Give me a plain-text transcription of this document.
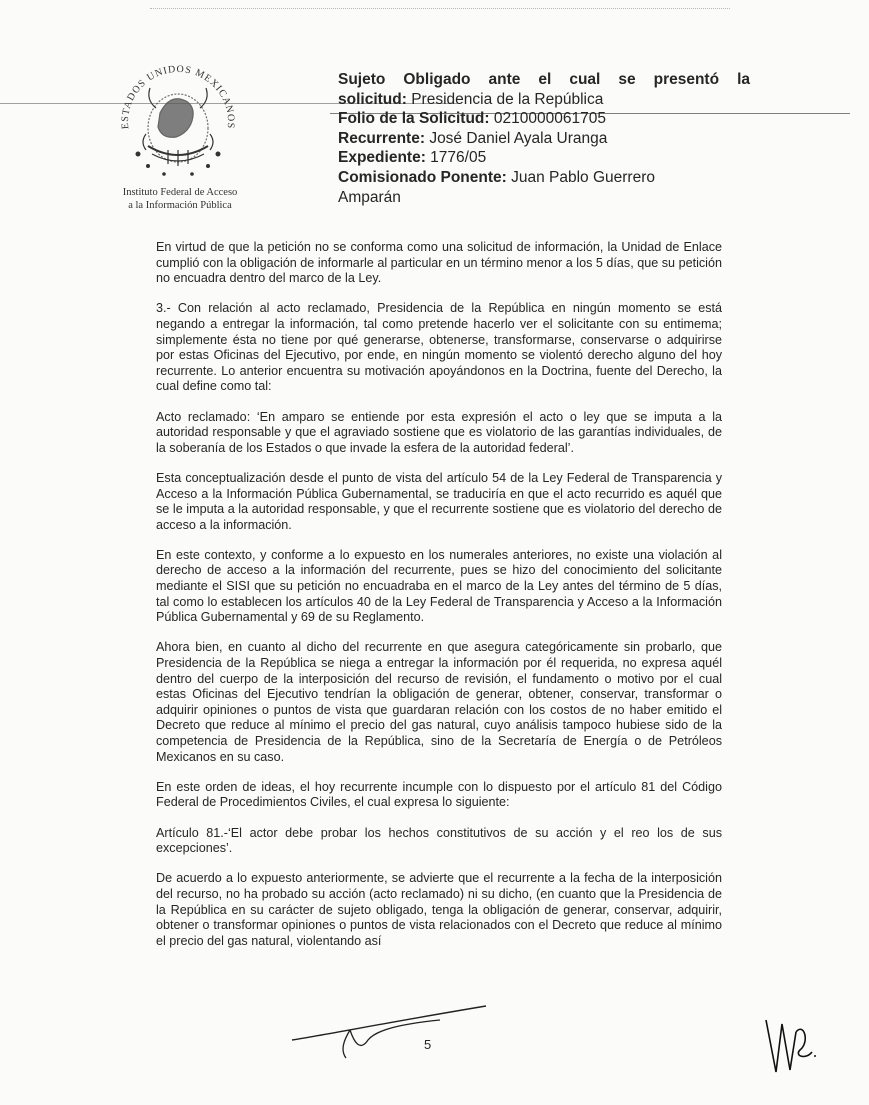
ESTADOS UNIDOS MEXICANOS
Instituto Federal de Acceso
a la Información Pública
Sujeto Obligado ante el cual se presentó la
solicitud: Presidencia de la República
Folio de la Solicitud: 0210000061705
Recurrente: José Daniel Ayala Uranga
Expediente: 1776/05
Comisionado Ponente: Juan Pablo Guerrero
Amparán

En virtud de que la petición no se conforma como una solicitud de información, la Unidad de Enlace cumplió con la obligación de informarle al particular en un término menor a los 5 días, que su petición no encuadra dentro del marco de la Ley.

3.- Con relación al acto reclamado, Presidencia de la República en ningún momento se está negando a entregar la información, tal como pretende hacerlo ver el solicitante con su entimema; simplemente ésta no tiene por qué generarse, obtenerse, transformarse, conservarse o adquirirse por estas Oficinas del Ejecutivo, por ende, en ningún momento se violentó derecho alguno del hoy recurrente. Lo anterior encuentra su motivación apoyándonos en la Doctrina, fuente del Derecho, la cual define como tal:

Acto reclamado: ‘En amparo se entiende por esta expresión el acto o ley que se imputa a la autoridad responsable y que el agraviado sostiene que es violatorio de las garantías individuales, de la soberanía de los Estados o que invade la esfera de la autoridad federal’.

Esta conceptualización desde el punto de vista del artículo 54 de la Ley Federal de Transparencia y Acceso a la Información Pública Gubernamental, se traduciría en que el acto recurrido es aquél que se le imputa a la autoridad responsable, y que el recurrente sostiene que es violatorio del derecho de acceso a la información.

En este contexto, y conforme a lo expuesto en los numerales anteriores, no existe una violación al derecho de acceso a la información del recurrente, pues se hizo del conocimiento del solicitante mediante el SISI que su petición no encuadraba en el marco de la Ley antes del término de 5 días, tal como lo establecen los artículos 40 de la Ley Federal de Transparencia y Acceso a la Información Pública Gubernamental y 69 de su Reglamento.

Ahora bien, en cuanto al dicho del recurrente en que asegura categóricamente sin probarlo, que Presidencia de la República se niega a entregar la información por él requerida, no expresa aquél dentro del cuerpo de la interposición del recurso de revisión, el fundamento o motivo por el cual estas Oficinas del Ejecutivo tendrían la obligación de generar, obtener, conservar, transformar o adquirir opiniones o puntos de vista que guardaran relación con los costos de no haber emitido el Decreto que reduce al mínimo el precio del gas natural, cuyo análisis tampoco hubiese sido de la competencia de Presidencia de la República, sino de la Secretaría de Energía o de Petróleos Mexicanos en su caso.

En este orden de ideas, el hoy recurrente incumple con lo dispuesto por el artículo 81 del Código Federal de Procedimientos Civiles, el cual expresa lo siguiente:

Artículo 81.-‘El actor debe probar los hechos constitutivos de su acción y el reo los de sus excepciones’.

De acuerdo a lo expuesto anteriormente, se advierte que el recurrente a la fecha de la interposición del recurso, no ha probado su acción (acto reclamado) ni su dicho, (en cuanto que la Presidencia de la República en su carácter de sujeto obligado, tenga la obligación de generar, conservar, adquirir, obtener o transformar opiniones o puntos de vista relacionados con el Decreto que reduce al mínimo el precio del gas natural, violentando así

5
